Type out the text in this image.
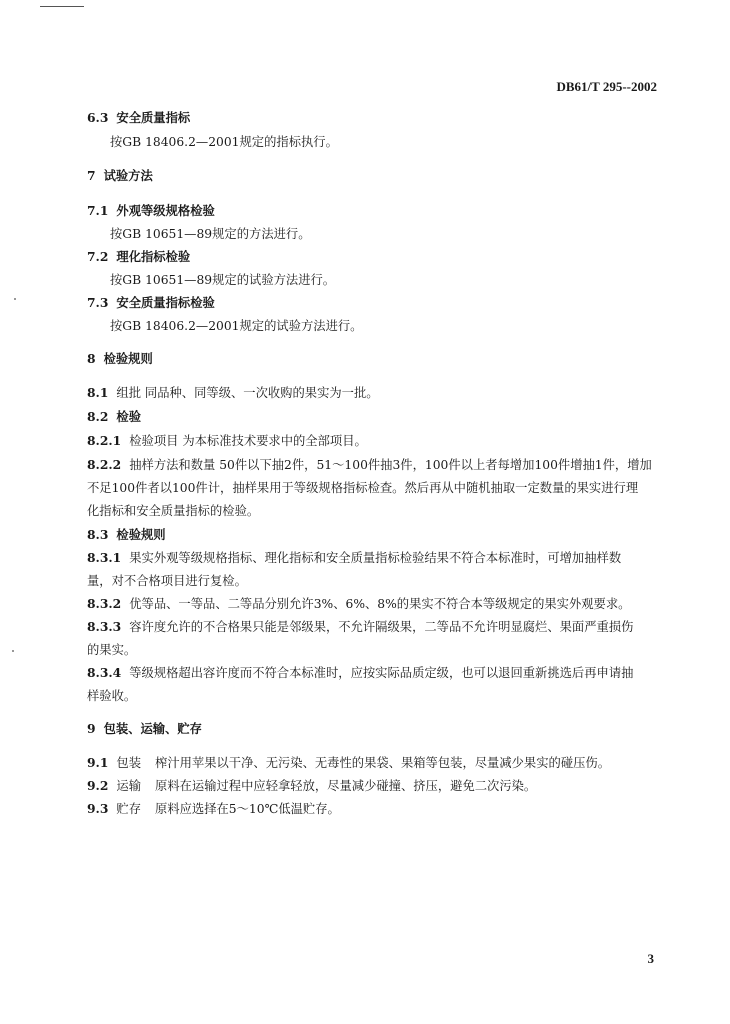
DB61/T 295--2002
6.3 安全质量指标
按GB 18406.2—2001规定的指标执行。
7 试验方法
7.1 外观等级规格检验
按GB 10651—89规定的方法进行。
7.2 理化指标检验
按GB 10651—89规定的试验方法进行。
7.3 安全质量指标检验
按GB 18406.2—2001规定的试验方法进行。
8 检验规则
8.1 组批 同品种、同等级、一次收购的果实为一批。
8.2 检验
8.2.1 检验项目 为本标准技术要求中的全部项目。
8.2.2 抽样方法和数量 50件以下抽2件，51～100件抽3件，100件以上者每增加100件增抽1件，增加
不足100件者以100件计，抽样果用于等级规格指标检查。然后再从中随机抽取一定数量的果实进行理
化指标和安全质量指标的检验。
8.3 检验规则
8.3.1 果实外观等级规格指标、理化指标和安全质量指标检验结果不符合本标准时，可增加抽样数
量，对不合格项目进行复检。
8.3.2 优等品、一等品、二等品分别允许3%、6%、8%的果实不符合本等级规定的果实外观要求。
8.3.3 容许度允许的不合格果只能是邻级果，不允许隔级果，二等品不允许明显腐烂、果面严重损伤
的果实。
8.3.4 等级规格超出容许度而不符合本标准时，应按实际品质定级，也可以退回重新挑选后再申请抽
样验收。
9 包装、运输、贮存
9.1 包装 榨汁用苹果以干净、无污染、无毒性的果袋、果箱等包装，尽量减少果实的碰压伤。
9.2 运输 原料在运输过程中应轻拿轻放，尽量减少碰撞、挤压，避免二次污染。
9.3 贮存 原料应选择在5～10℃低温贮存。
3
